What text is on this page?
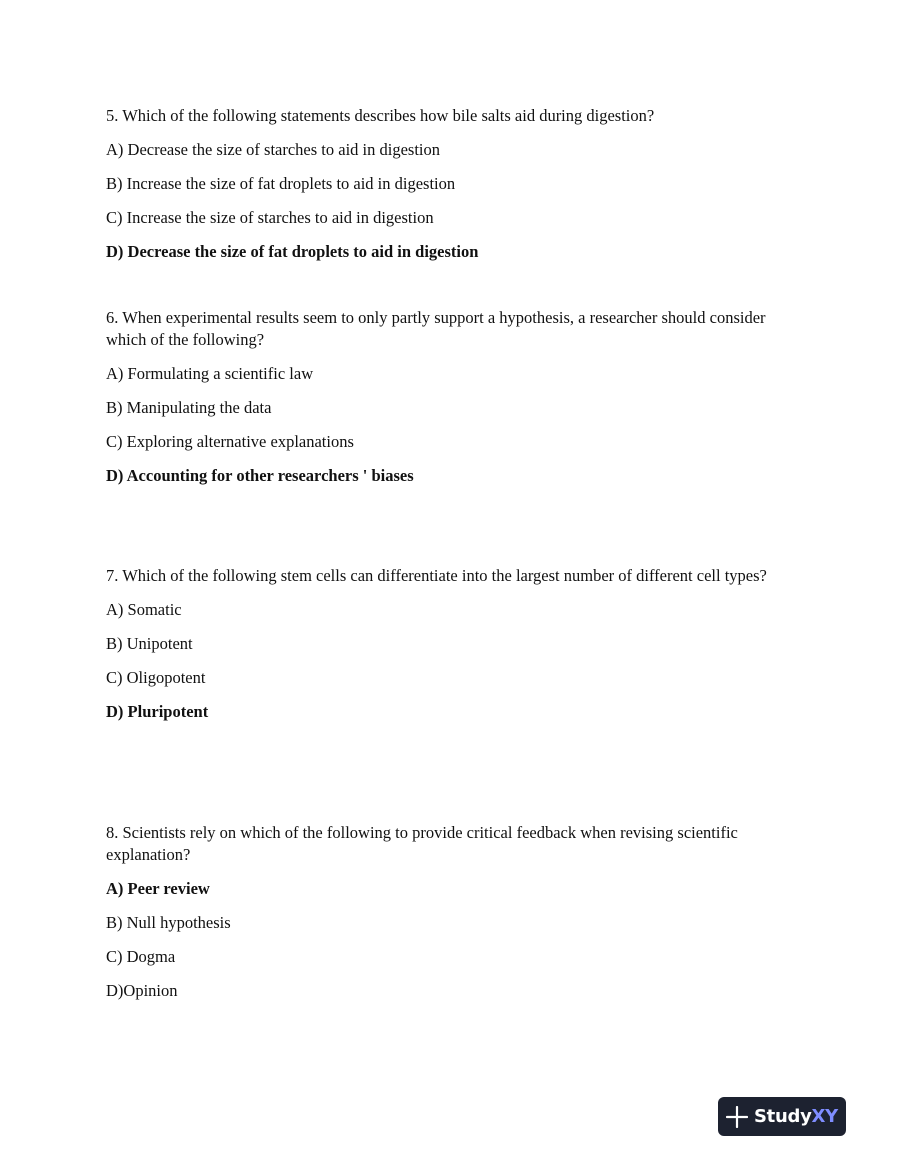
5. Which of the following statements describes how bile salts aid during digestion?

A) Decrease the size of starches to aid in digestion
B) Increase the size of fat droplets to aid in digestion
C) Increase the size of starches to aid in digestion
D) Decrease the size of fat droplets to aid in digestion

6. When experimental results seem to only partly support a hypothesis, a researcher should consider which of the following?

A) Formulating a scientific law
B) Manipulating the data
C) Exploring alternative explanations
D) Accounting for other researchers ' biases

7. Which of the following stem cells can differentiate into the largest number of different cell types?

A) Somatic
B) Unipotent
C) Oligopotent
D) Pluripotent

8. Scientists rely on which of the following to provide critical feedback when revising scientific explanation?

A) Peer review
B) Null hypothesis
C) Dogma
D)Opinion
StudyXY
